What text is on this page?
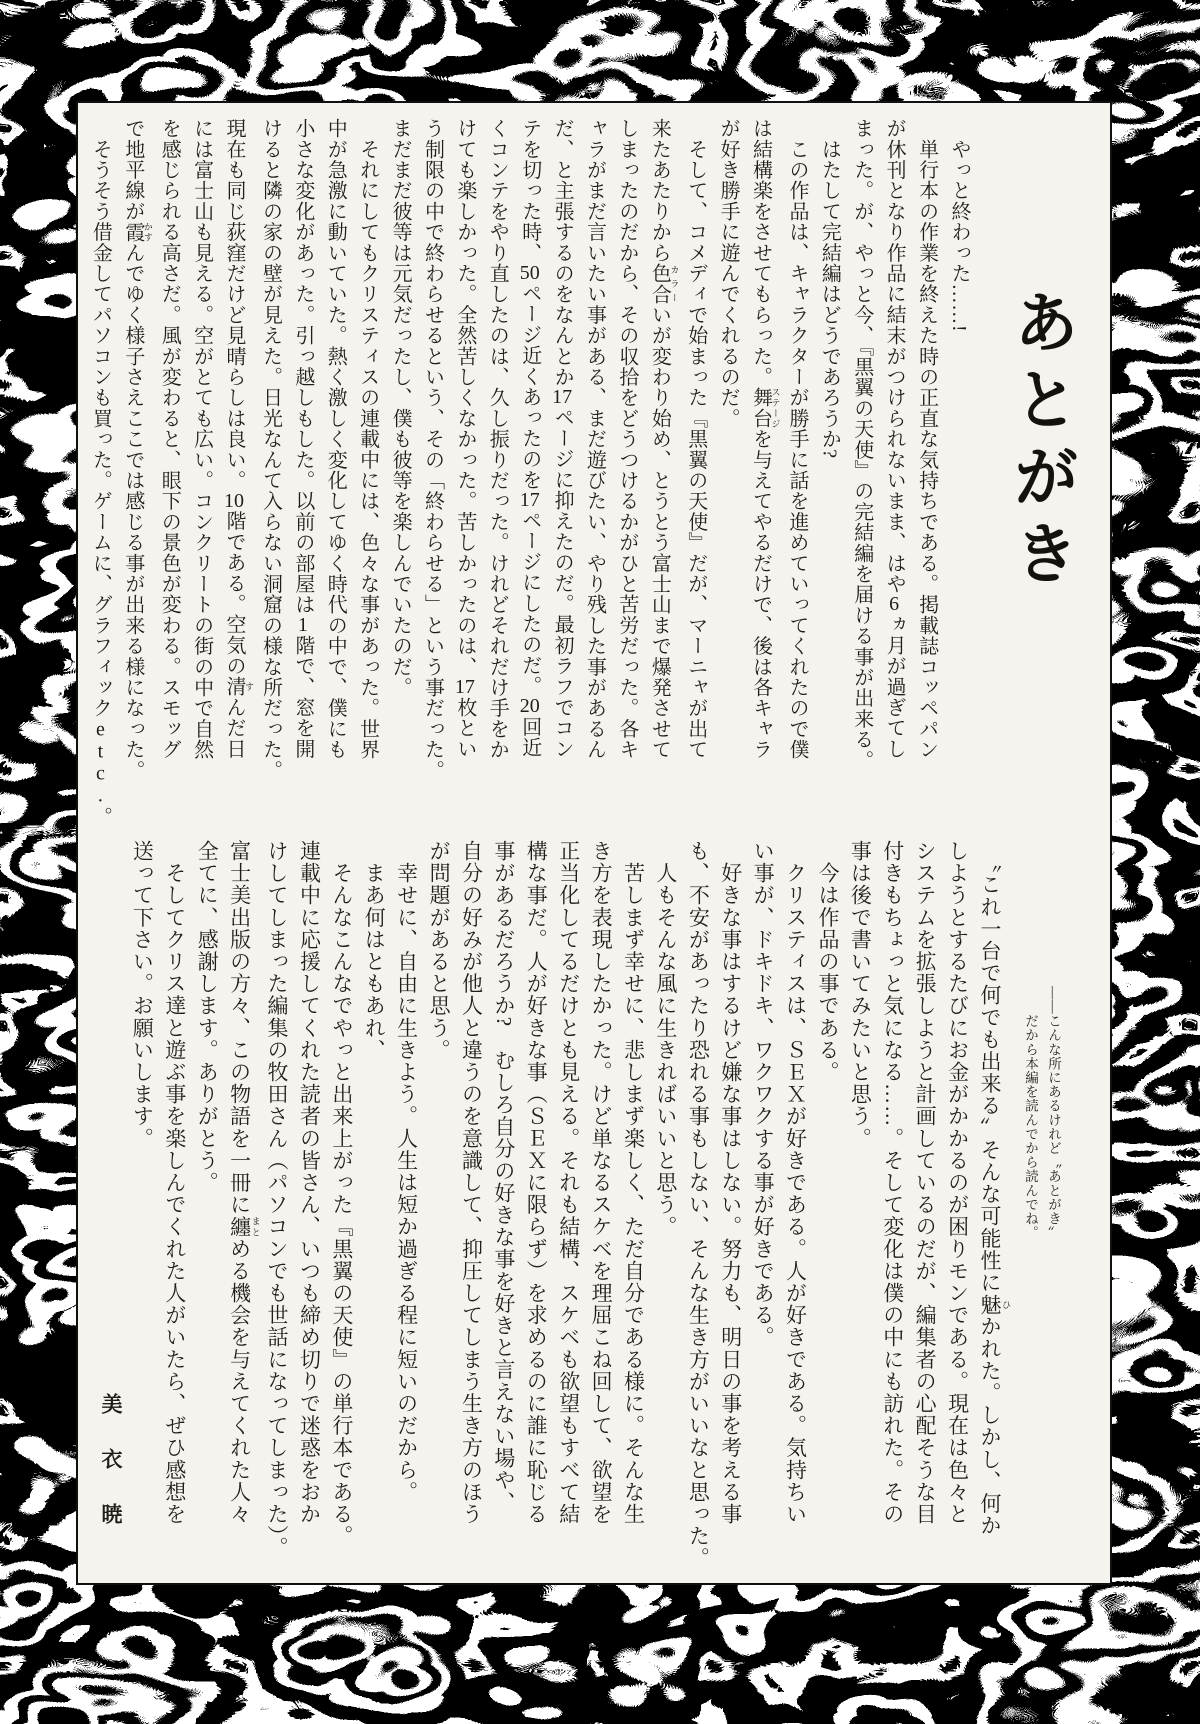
あとがき

　やっと終わった……!

　単行本の作業を終えた時の正直な気持ちである。掲載誌コッペパン

が休刊となり作品に結末がつけられないまま、はや6ヵ月が過ぎてし

まった。が、やっと今、『黒翼の天使』の完結編を届ける事が出来る。

　はたして完結編はどうであろうか?

　この作品は、キャラクターが勝手に話を進めていってくれたので僕

は結構楽をさせてもらった。舞台 ステージを与えてやるだけで、後は各キャラ

が好き勝手に遊んでくれるのだ。

　そして、コメディで始まった『黒翼の天使』だが、マーニャが出て

来たあたりから色合 カラーいが変わり始め、とうとう富士山まで爆発させて

しまったのだから、その収拾をどうつけるかがひと苦労だった。各キ

ャラがまだ言いたい事がある、まだ遊びたい、やり残した事があるん

だ、と主張するのをなんとか17ページに抑えたのだ。最初ラフでコン

テを切った時、50ページ近くあったのを17ページにしたのだ。20回近

くコンテをやり直したのは、久し振りだった。けれどそれだけ手をか

けても楽しかった。全然苦しくなかった。苦しかったのは、17枚とい

う制限の中で終わらせるという、その「終わらせる」という事だった。

まだまだ彼等は元気だったし、僕も彼等を楽しんでいたのだ。

　それにしてもクリスティスの連載中には、色々な事があった。世界

中が急激に動いていた。熱く激しく変化してゆく時代の中で、僕にも

小さな変化があった。引っ越しもした。以前の部屋は1階で、窓を開

けると隣の家の壁が見えた。日光なんて入らない洞窟の様な所だった。

現在も同じ荻窪だけど見晴らしは良い。10階である。空気の清 すんだ日

には富士山も見える。空がとても広い。コンクリートの街の中で自然

を感じられる高さだ。風が変わると、眼下の景色が変わる。スモッグ

で地平線が霞 かすんでゆく様子さえここでは感じる事が出来る様になった。

　そうそう借金してパソコンも買った。ゲームに、グラフィックetc.。

――こんな所にあるけれど〝あとがき〟

　　だから本編を読んでから読んでね。

　〝これ一台で何でも出来る〟そんな可能性に魅 ひかれた。しかし、何か

しようとするたびにお金がかかるのが困りモンである。現在は色々と

システムを拡張しようと計画しているのだが、編集者の心配そうな目

付きもちょっと気になる……。そして変化は僕の中にも訪れた。その

事は後で書いてみたいと思う。

　今は作品の事である。

　クリスティスは、ＳＥＸが好きである。人が好きである。気持ちい

い事が、ドキドキ、ワクワクする事が好きである。

　好きな事はするけど嫌な事はしない。努力も、明日の事を考える事

も、不安があったり恐れる事もしない、そんな生き方がいいなと思った。

　人もそんな風に生きればいいと思う。

　苦しまず幸せに、悲しまず楽しく、ただ自分である様に。そんな生

き方を表現したかった。けど単なるスケベを理屈こね回して、欲望を

正当化してるだけとも見える。それも結構、スケベも欲望もすべて結

構な事だ。人が好きな事（ＳＥＸに限らず）を求めるのに誰に恥じる

事があるだろうか?　むしろ自分の好きな事を好きと言えない場や、

自分の好みが他人と違うのを意識して、抑圧してしまう生き方のほう

が問題があると思う。

　幸せに、自由に生きよう。人生は短か過ぎる程に短いのだから。

　まあ何はともあれ、

　そんなこんなでやっと出来上がった『黒翼の天使』の単行本である。

連載中に応援してくれた読者の皆さん、いつも締め切りで迷惑をおか

けしてしまった編集の牧田さん（パソコンでも世話になってしまった）。

富士美出版の方々、この物語を一冊に纏 まとめる機会を与えてくれた人々

全てに、感謝します。ありがとう。

　そしてクリス達と遊ぶ事を楽しんでくれた人がいたら、ぜひ感想を

送って下さい。お願いします。

美衣暁
